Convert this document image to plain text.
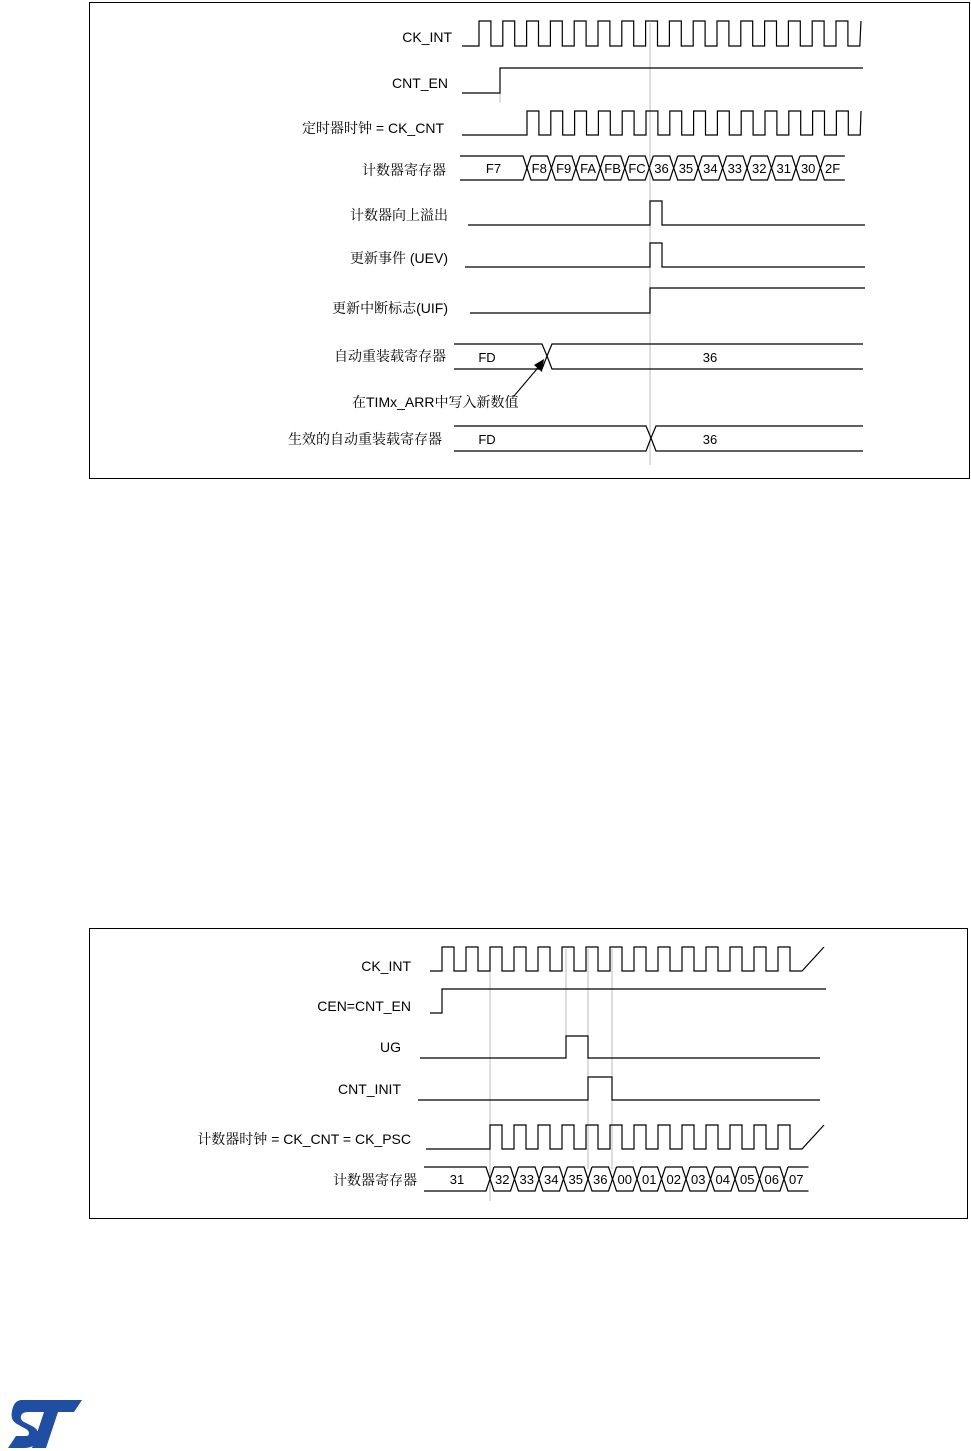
CK_INT
CNT_EN
定时器时钟 = CK_CNT
计数器寄存器
计数器向上溢出
更新事件 (UEV)
更新中断标志(UIF)
自动重装载寄存器
在TIMx_ARR中写入新数值
生效的自动重装载寄存器
F7 F8 F9 FA FB FC 36 35 34 33 32 31 30 2F
FD	36
FD	36
CK_INT
CEN=CNT_EN
UG
CNT_INIT
计数器时钟 = CK_CNT = CK_PSC
计数器寄存器	31 32 33 34 35 36 00 01 02 03 04 05 06 07
